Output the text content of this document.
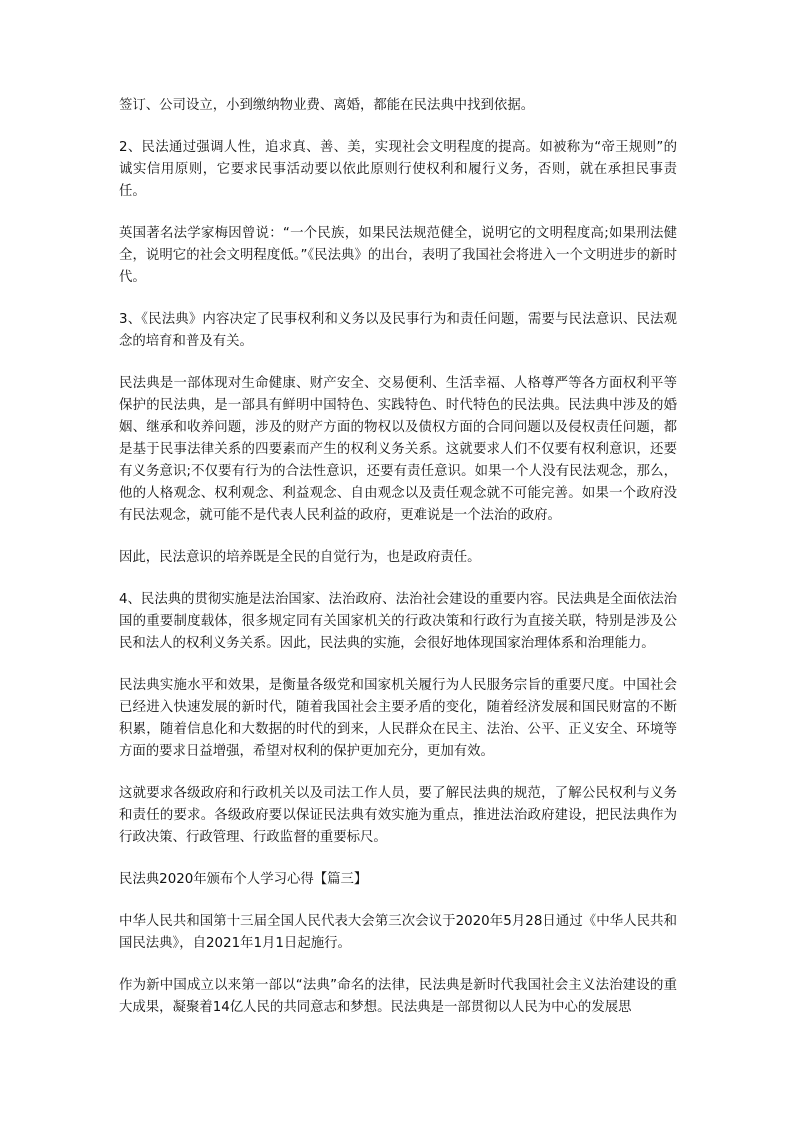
签订、公司设立，小到缴纳物业费、离婚，都能在民法典中找到依据。

2、民法通过强调人性，追求真、善、美，实现社会文明程度的提高。如被称为“帝王规则”的诚实信用原则，它要求民事活动要以依此原则行使权利和履行义务，否则，就在承担民事责任。

英国著名法学家梅因曾说：“一个民族，如果民法规范健全，说明它的文明程度高;如果刑法健全，说明它的社会文明程度低。”《民法典》的出台，表明了我国社会将进入一个文明进步的新时代。

3、《民法典》内容决定了民事权利和义务以及民事行为和责任问题，需要与民法意识、民法观念的培育和普及有关。

民法典是一部体现对生命健康、财产安全、交易便利、生活幸福、人格尊严等各方面权利平等保护的民法典，是一部具有鲜明中国特色、实践特色、时代特色的民法典。民法典中涉及的婚姻、继承和收养问题，涉及的财产方面的物权以及债权方面的合同问题以及侵权责任问题，都是基于民事法律关系的四要素而产生的权利义务关系。这就要求人们不仅要有权利意识，还要有义务意识;不仅要有行为的合法性意识，还要有责任意识。如果一个人没有民法观念，那么，他的人格观念、权利观念、利益观念、自由观念以及责任观念就不可能完善。如果一个政府没有民法观念，就可能不是代表人民利益的政府，更难说是一个法治的政府。

因此，民法意识的培养既是全民的自觉行为，也是政府责任。

4、民法典的贯彻实施是法治国家、法治政府、法治社会建设的重要内容。民法典是全面依法治国的重要制度载体，很多规定同有关国家机关的行政决策和行政行为直接关联，特别是涉及公民和法人的权利义务关系。因此，民法典的实施，会很好地体现国家治理体系和治理能力。

民法典实施水平和效果，是衡量各级党和国家机关履行为人民服务宗旨的重要尺度。中国社会已经进入快速发展的新时代，随着我国社会主要矛盾的变化，随着经济发展和国民财富的不断积累，随着信息化和大数据的时代的到来，人民群众在民主、法治、公平、正义安全、环境等方面的要求日益增强，希望对权利的保护更加充分，更加有效。

这就要求各级政府和行政机关以及司法工作人员，要了解民法典的规范，了解公民权利与义务和责任的要求。各级政府要以保证民法典有效实施为重点，推进法治政府建设，把民法典作为行政决策、行政管理、行政监督的重要标尺。

民法典2020年颁布个人学习心得【篇三】

中华人民共和国第十三届全国人民代表大会第三次会议于2020年5月28日通过《中华人民共和国民法典》，自2021年1月1日起施行。

作为新中国成立以来第一部以“法典”命名的法律，民法典是新时代我国社会主义法治建设的重大成果，凝聚着14亿人民的共同意志和梦想。民法典是一部贯彻以人民为中心的发展思
